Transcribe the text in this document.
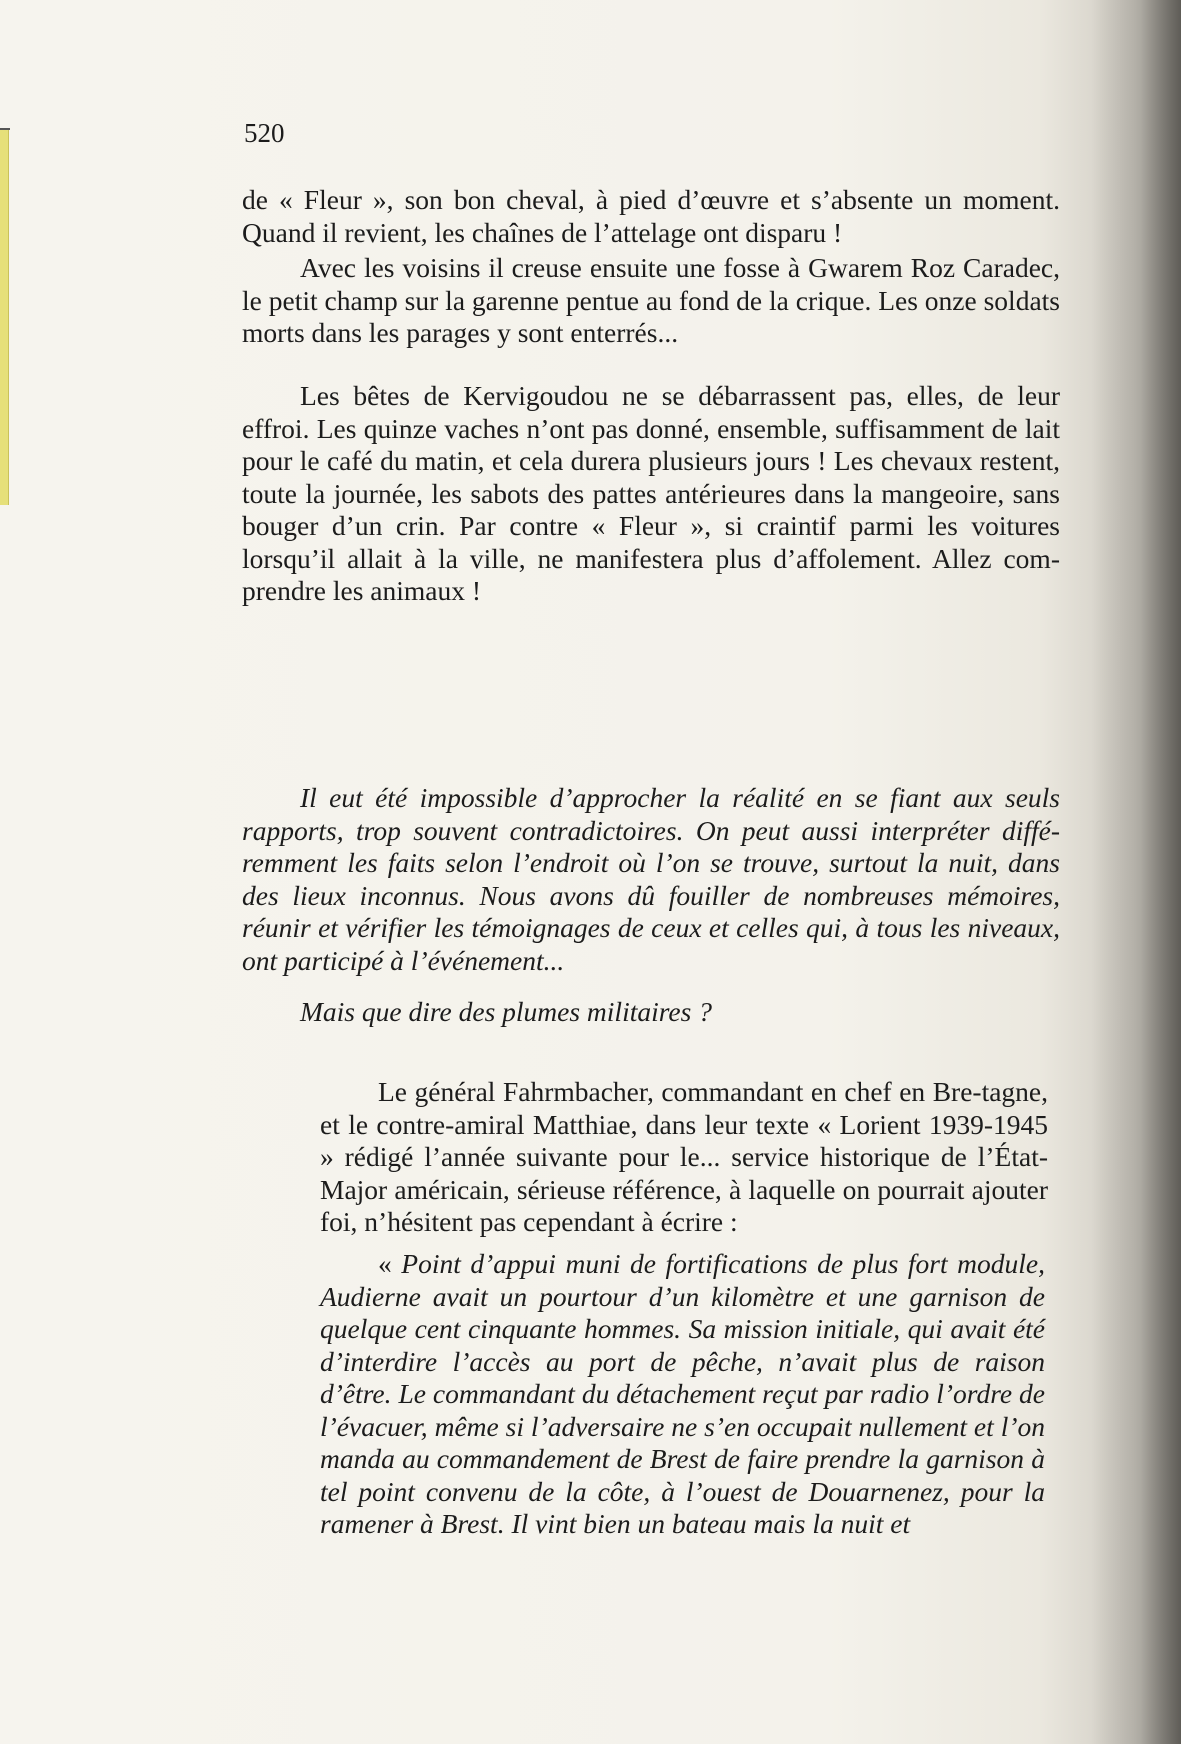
520

de « Fleur », son bon cheval, à pied d’œuvre et s’absente un moment. Quand il revient, les chaînes de l’attelage ont disparu !

Avec les voisins il creuse ensuite une fosse à Gwarem Roz Caradec, le petit champ sur la garenne pentue au fond de la crique. Les onze soldats morts dans les parages y sont enterrés...

Les bêtes de Kervigoudou ne se débarrassent pas, elles, de leur effroi. Les quinze vaches n’ont pas donné, ensemble, suffisamment de lait pour le café du matin, et cela durera plusieurs jours ! Les chevaux restent, toute la journée, les sabots des pattes antérieures dans la mangeoire, sans bouger d’un crin. Par contre « Fleur », si craintif parmi les voitures lorsqu’il allait à la ville, ne manifestera plus d’affolement. Allez com-prendre les animaux !

Il eut été impossible d’approcher la réalité en se fiant aux seuls rapports, trop souvent contradictoires. On peut aussi interpréter diffé-remment les faits selon l’endroit où l’on se trouve, surtout la nuit, dans des lieux inconnus. Nous avons dû fouiller de nombreuses mémoires, réunir et vérifier les témoignages de ceux et celles qui, à tous les niveaux, ont participé à l’événement...

Mais que dire des plumes militaires ?

Le général Fahrmbacher, commandant en chef en Bre-tagne, et le contre-amiral Matthiae, dans leur texte « Lorient 1939-1945 » rédigé l’année suivante pour le... service historique de l’État-Major américain, sérieuse référence, à laquelle on pourrait ajouter foi, n’hésitent pas cependant à écrire :

« Point d’appui muni de fortifications de plus fort module, Audierne avait un pourtour d’un kilomètre et une garnison de quelque cent cinquante hommes. Sa mission initiale, qui avait été d’interdire l’accès au port de pêche, n’avait plus de raison d’être. Le commandant du détachement reçut par radio l’ordre de l’évacuer, même si l’adversaire ne s’en occupait nullement et l’on manda au commandement de Brest de faire prendre la garnison à tel point convenu de la côte, à l’ouest de Douarnenez, pour la ramener à Brest. Il vint bien un bateau mais la nuit et
